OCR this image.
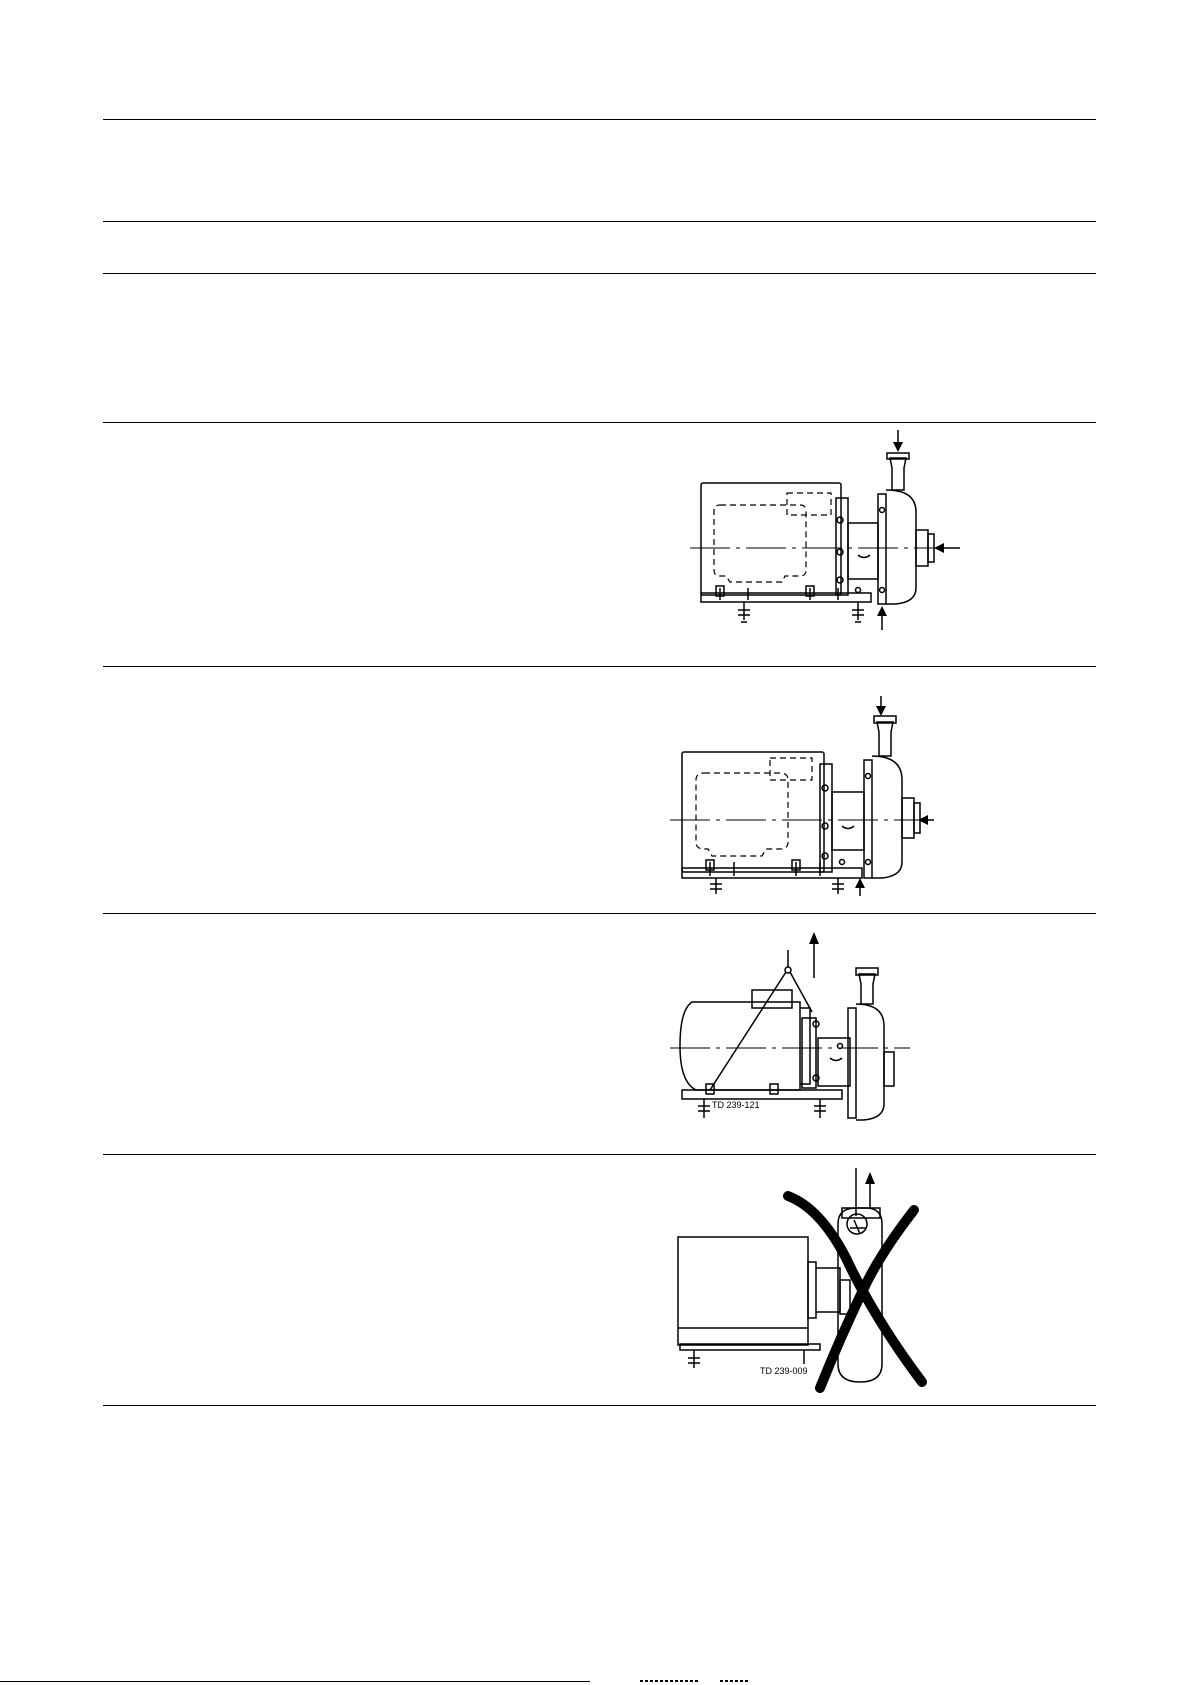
TD 239-121
TD 239-009
